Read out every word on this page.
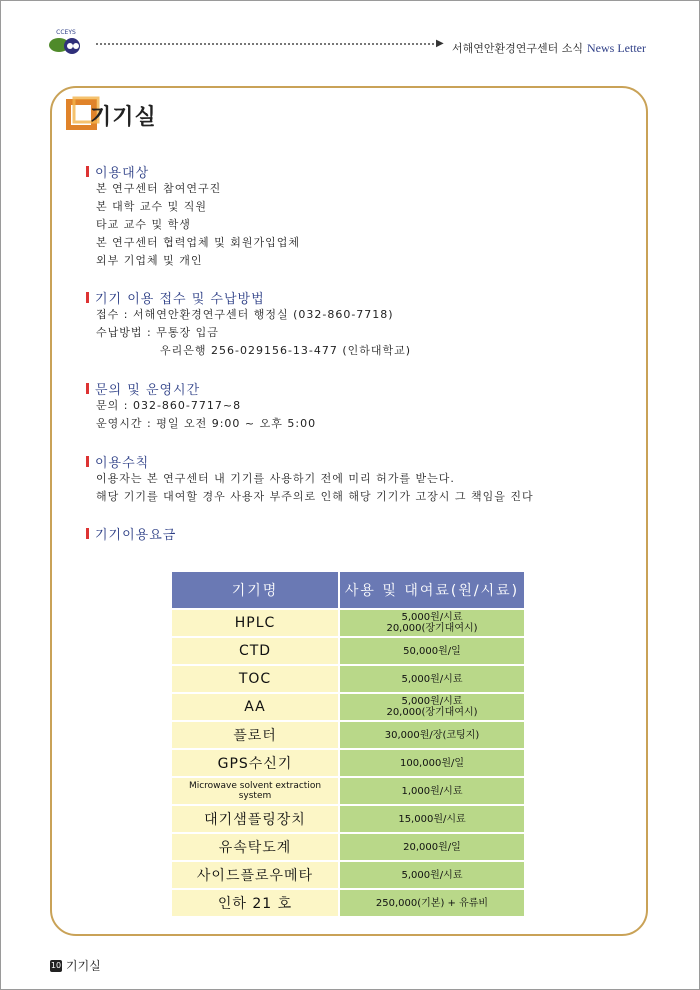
CCEYS
▶ 서해연안환경연구센터 소식 News Letter
기기실
이용대상
본 연구센터 참여연구진
본 대학 교수 및 직원
타교 교수 및 학생
본 연구센터 협력업체 및 회원가입업체
외부 기업체 및 개인
기기 이용 접수 및 수납방법
접수 : 서해연안환경연구센터 행정실 (032-860-7718)
수납방법 : 무통장 입금
우리은행 256-029156-13-477 (인하대학교)
문의 및 운영시간
문의 : 032-860-7717~8
운영시간 : 평일 오전 9:00 ~ 오후 5:00
이용수칙
이용자는 본 연구센터 내 기기를 사용하기 전에 미리 허가를 받는다.
해당 기기를 대여할 경우 사용자 부주의로 인해 해당 기기가 고장시 그 책임을 진다
기기이용요금
기기명	사용 및 대여료(원/시료)
HPLC	5,000원/시료
20,000(장기대여시)

CTD	50,000원/일

TOC	5,000원/시료

AA	5,000원/시료
20,000(장기대여시)

플로터	30,000원/장(코팅지)

GPS수신기	100,000원/일

Microwave solvent extraction system	1,000원/시료

대기샘플링장치	15,000원/시료

유속탁도계	20,000원/일

사이드플로우메타	5,000원/시료

인하 21 호	250,000(기본) + 유류비
10 기기실
